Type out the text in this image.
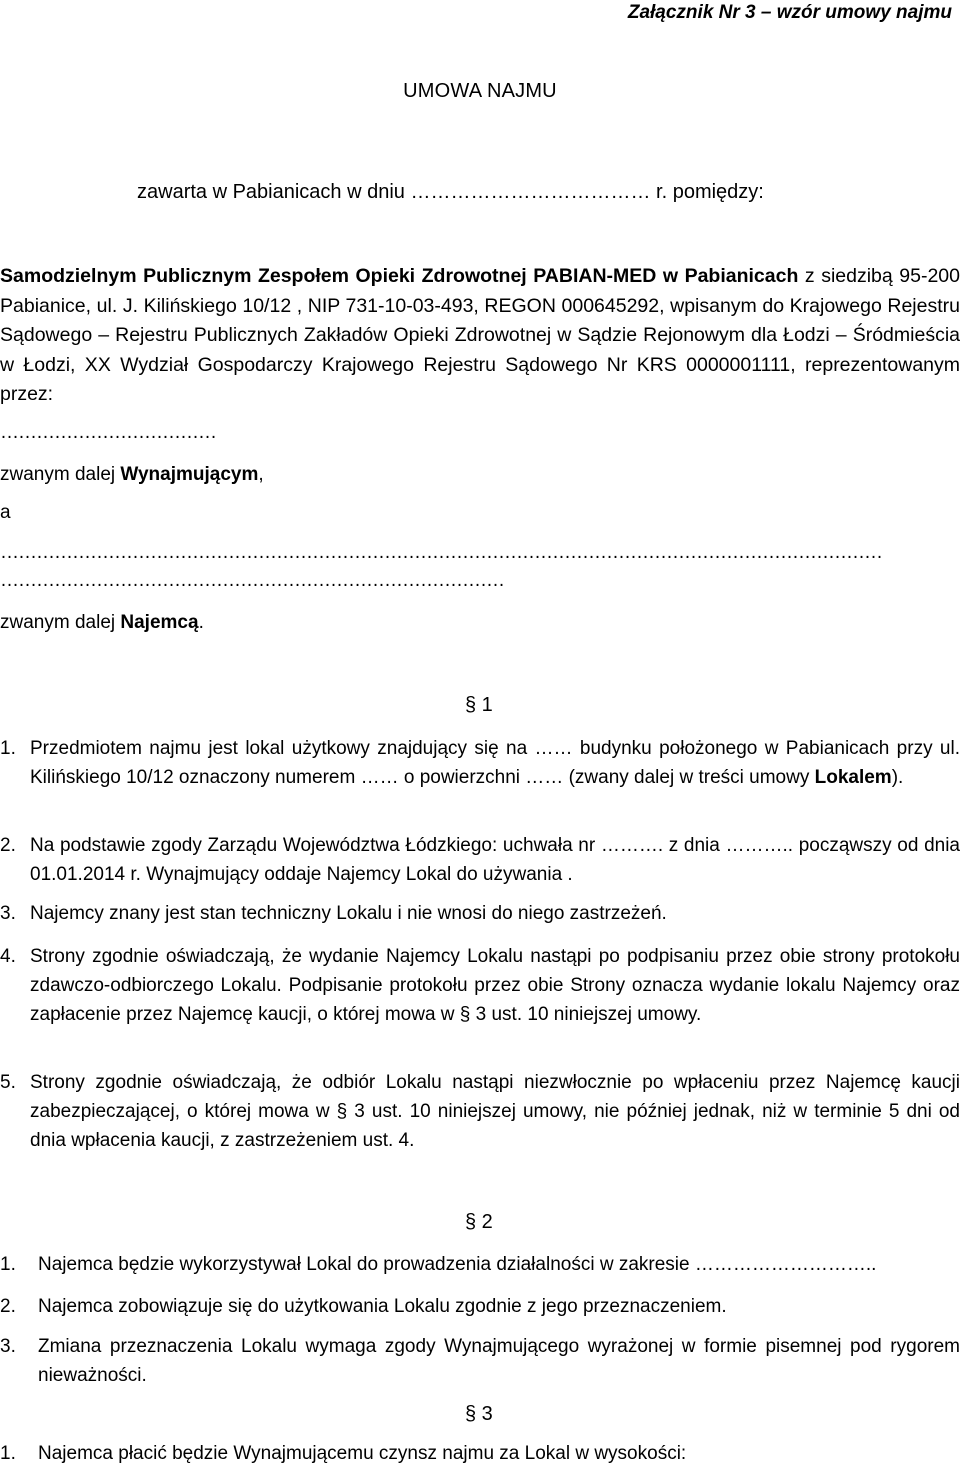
Załącznik Nr 3 – wzór umowy najmu

UMOWA NAJMU

zawarta w Pabianicach w dniu ……………………………… r. pomiędzy:

Samodzielnym Publicznym Zespołem Opieki Zdrowotnej PABIAN-MED w Pabianicach z siedzibą 95-200 Pabianice, ul. J. Kilińskiego 10/12 , NIP 731-10-03-493, REGON 000645292, wpisanym do Krajowego Rejestru Sądowego – Rejestru Publicznych Zakładów Opieki Zdrowotnej w Sądzie Rejonowym dla Łodzi – Śródmieścia w Łodzi, XX Wydział Gospodarczy Krajowego Rejestru Sądowego Nr KRS 0000001111, reprezentowanym przez:

………………………………

zwanym dalej Wynajmującym,

a

…………………………………………………………………………………………………………………………………

…………………………………………………………………………

zwanym dalej Najemcą.

§ 1

1. Przedmiotem najmu jest lokal użytkowy znajdujący się na …… budynku położonego w Pabianicach przy ul. Kilińskiego 10/12 oznaczony numerem …… o powierzchni …… (zwany dalej w treści umowy Lokalem).
2. Na podstawie zgody Zarządu Województwa Łódzkiego: uchwała nr ………. z dnia ……….. począwszy od dnia 01.01.2014 r. Wynajmujący oddaje Najemcy Lokal do używania .
3. Najemcy znany jest stan techniczny Lokalu i nie wnosi do niego zastrzeżeń.
4. Strony zgodnie oświadczają, że wydanie Najemcy Lokalu nastąpi po podpisaniu przez obie strony protokołu zdawczo-odbiorczego Lokalu. Podpisanie protokołu przez obie Strony oznacza wydanie lokalu Najemcy oraz zapłacenie przez Najemcę kaucji, o której mowa w § 3 ust. 10 niniejszej umowy.
5. Strony zgodnie oświadczają, że odbiór Lokalu nastąpi niezwłocznie po wpłaceniu przez Najemcę kaucji zabezpieczającej, o której mowa w § 3 ust. 10 niniejszej umowy, nie później jednak, niż w terminie 5 dni od dnia wpłacenia kaucji, z zastrzeżeniem ust. 4.

§ 2

1. Najemca będzie wykorzystywał Lokal do prowadzenia działalności w zakresie ………………………..
2. Najemca zobowiązuje się do użytkowania Lokalu zgodnie z jego przeznaczeniem.
3. Zmiana przeznaczenia Lokalu wymaga zgody Wynajmującego wyrażonej w formie pisemnej pod rygorem nieważności.

§ 3

1. Najemca płacić będzie Wynajmującemu czynsz najmu za Lokal w wysokości:
